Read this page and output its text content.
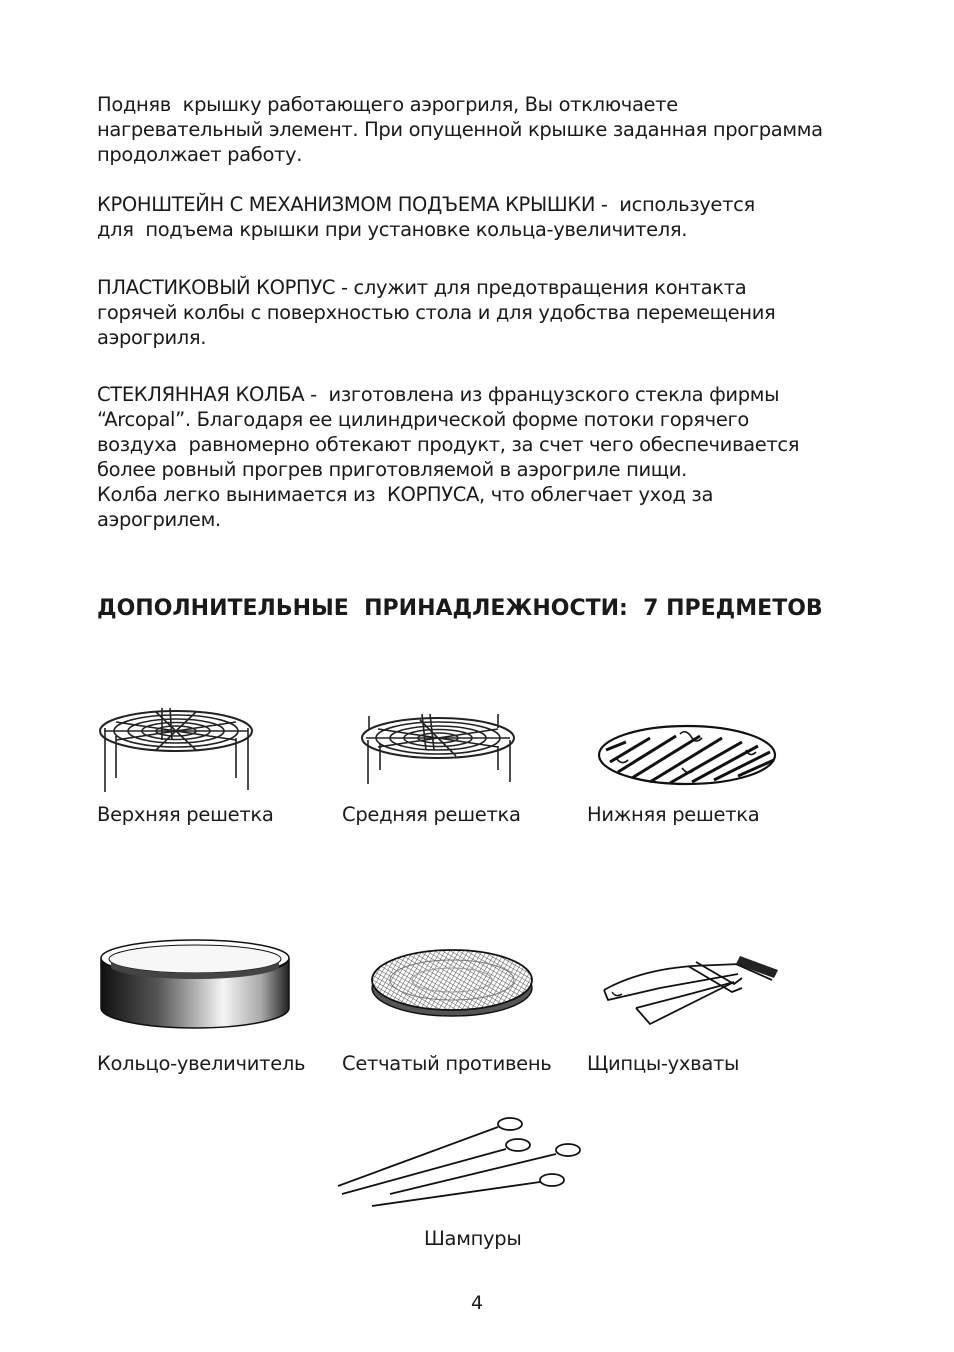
Подняв  крышку работающего аэрогриля, Вы отключаете
нагревательный элемент. При опущенной крышке заданная программа
продолжает работу.
КРОНШТЕЙН С МЕХАНИЗМОМ ПОДЪЕМА КРЫШКИ -  используется
для  подъема крышки при установке кольца-увеличителя.
ПЛАСТИКОВЫЙ КОРПУС - служит для предотвращения контакта
горячей колбы с поверхностью стола и для удобства перемещения
аэрогриля.
СТЕКЛЯННАЯ КОЛБА -  изготовлена из французского стекла фирмы
“Arcopal”. Благодаря ее цилиндрической форме потоки горячего
воздуха  равномерно обтекают продукт, за счет чего обеспечивается
более ровный прогрев приготовляемой в аэрогриле пищи.
Колба легко вынимается из  КОРПУСА, что облегчает уход за
аэрогрилем.
ДОПОЛНИТЕЛЬНЫЕ  ПРИНАДЛЕЖНОСТИ:  7 ПРЕДМЕТОВ
Верхняя решетка	Средняя решетка	Нижняя решетка
Кольцо-увеличитель Сетчатый противень Щипцы-ухваты
Шампуры
4
